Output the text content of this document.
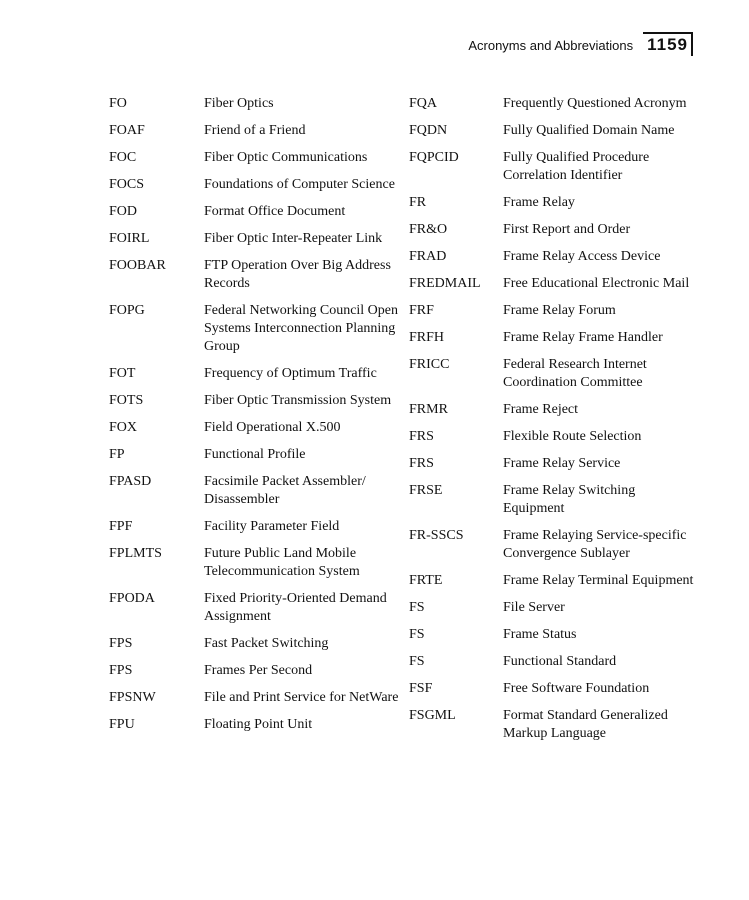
Acronyms and Abbreviations 1159
FO	Fiber Optics
FOAF	Friend of a Friend
FOC	Fiber Optic Communications
FOCS	Foundations of Computer Science
FOD	Format Office Document
FOIRL	Fiber Optic Inter-Repeater Link
FOOBAR	FTP Operation Over Big Address Records
FOPG	Federal Networking Council Open Systems Interconnection Planning Group
FOT	Frequency of Optimum Traffic
FOTS	Fiber Optic Transmission System
FOX	Field Operational X.500
FP	Functional Profile
FPASD	Facsimile Packet Assembler/ Disassembler
FPF	Facility Parameter Field
FPLMTS	Future Public Land Mobile Telecommunication System
FPODA	Fixed Priority-Oriented Demand Assignment
FPS	Fast Packet Switching
FPS	Frames Per Second
FPSNW	File and Print Service for NetWare
FPU	Floating Point Unit
FQA	Frequently Questioned Acronym
FQDN	Fully Qualified Domain Name
FQPCID	Fully Qualified Procedure Correlation Identifier
FR	Frame Relay
FR&O	First Report and Order
FRAD	Frame Relay Access Device
FREDMAIL	Free Educational Electronic Mail
FRF	Frame Relay Forum
FRFH	Frame Relay Frame Handler
FRICC	Federal Research Internet Coordination Committee
FRMR	Frame Reject
FRS	Flexible Route Selection
FRS	Frame Relay Service
FRSE	Frame Relay Switching Equipment
FR-SSCS	Frame Relaying Service-specific Convergence Sublayer
FRTE	Frame Relay Terminal Equipment
FS	File Server
FS	Frame Status
FS	Functional Standard
FSF	Free Software Foundation
FSGML	Format Standard Generalized Markup Language
